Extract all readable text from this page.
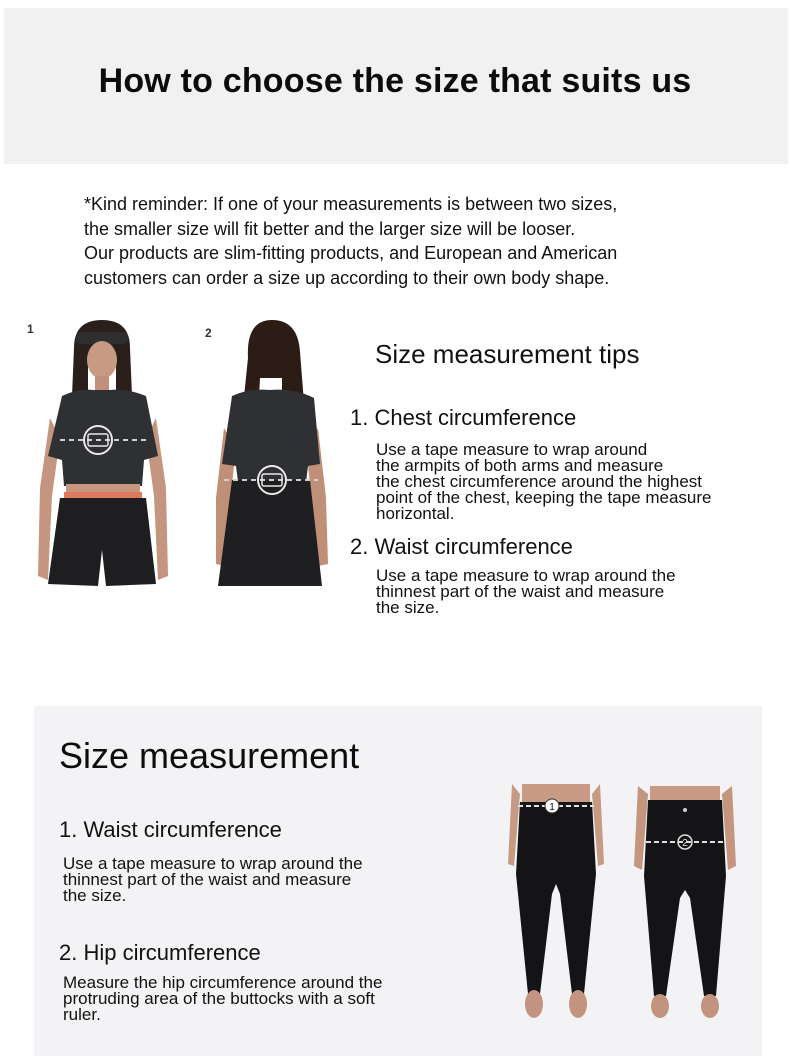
How to choose the size that suits us

*Kind reminder: If one of your measurements is between two sizes,

the smaller size will fit better and the larger size will be looser.

Our products are slim-fitting products, and European and American

customers can order a size up according to their own body shape.

1	2
Size measurement tips
1. Chest circumference

Use a tape measure to wrap around

the armpits of both arms and measure

the chest circumference around the highest

point of the chest, keeping the tape measure

horizontal.

2. Waist circumference

Use a tape measure to wrap around the

thinnest part of the waist and measure

the size.

Size measurement
1. Waist circumference

Use a tape measure to wrap around the

thinnest part of the waist and measure

the size.

2. Hip circumference

Measure the hip circumference around the

protruding area of the buttocks with a soft

ruler.

1
2
